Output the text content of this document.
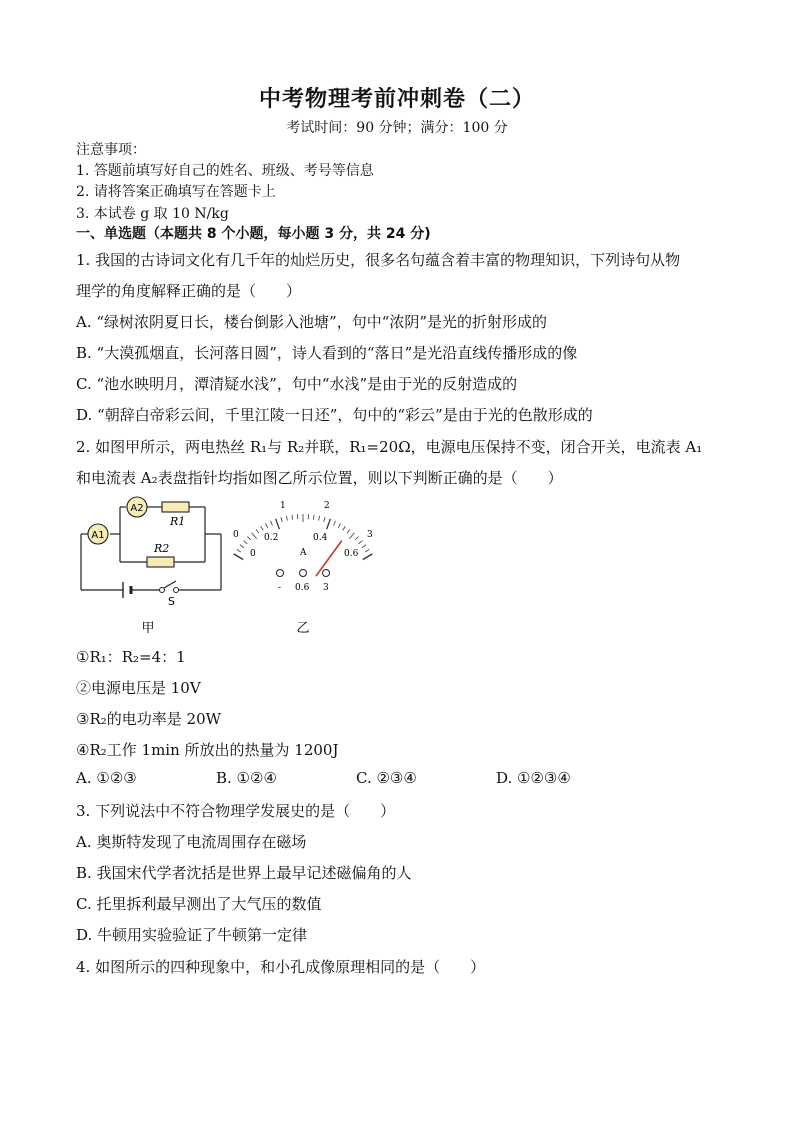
中考物理考前冲刺卷（二）
考试时间：90 分钟；满分：100 分
注意事项：
1. 答题前填写好自己的姓名、班级、考号等信息
2. 请将答案正确填写在答题卡上
3. 本试卷 g 取 10 N/kg
一、单选题（本题共 8 个小题，每小题 3 分，共 24 分)
1. 我国的古诗词文化有几千年的灿烂历史，很多名句蕴含着丰富的物理知识，下列诗句从物
理学的角度解释正确的是（　　）
A. “绿树浓阴夏日长，楼台倒影入池塘”，句中“浓阴”是光的折射形成的
B. “大漠孤烟直，长河落日圆”，诗人看到的“落日”是光沿直线传播形成的像
C. “池水映明月，潭清疑水浅”，句中“水浅”是由于光的反射造成的
D. “朝辞白帝彩云间，千里江陵一日还”，句中的“彩云”是由于光的色散形成的
2. 如图甲所示，两电热丝 R₁与 R₂并联，R₁=20Ω，电源电压保持不变，闭合开关，电流表 A₁
和电流表 A₂表盘指针均指如图乙所示位置，则以下判断正确的是（　　）
S
R1
R2
A1
A2
甲
0
1	2
3
0
0.2	0.4
0.6
A
- 0.6 3
乙
①R₁：R₂=4：1
②电源电压是 10V
③R₂的电功率是 20W
④R₂工作 1min 所放出的热量为 1200J
A. ①②③	B. ①②④	C. ②③④	D. ①②③④
3. 下列说法中不符合物理学发展史的是（　　）
A. 奥斯特发现了电流周围存在磁场
B. 我国宋代学者沈括是世界上最早记述磁偏角的人
C. 托里拆利最早测出了大气压的数值
D. 牛顿用实验验证了牛顿第一定律
4. 如图所示的四种现象中，和小孔成像原理相同的是（　　）
